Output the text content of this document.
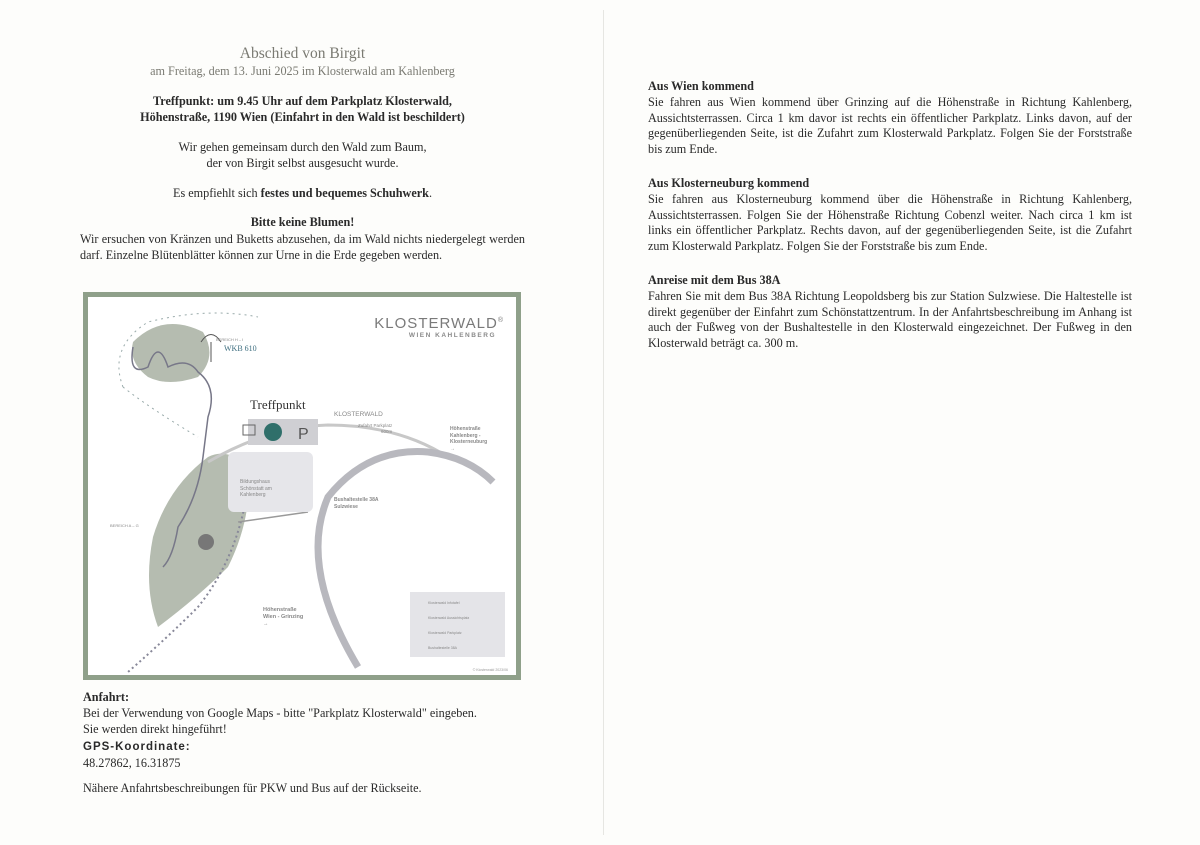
Abschied von Birgit

am Freitag, dem 13. Juni 2025 im Klosterwald am Kahlenberg

Treffpunkt: um 9.45 Uhr auf dem Parkplatz Klosterwald,

Höhenstraße, 1190 Wien (Einfahrt in den Wald ist beschildert)

Wir gehen gemeinsam durch den Wald zum Baum,

der von Birgit selbst ausgesucht wurde.

Es empfiehlt sich festes und bequemes Schuhwerk.

Bitte keine Blumen!

Wir ersuchen von Kränzen und Buketts abzusehen, da im Wald nichts niedergelegt werden darf. Einzelne Blütenblätter können zur Urne in die Erde gegeben werden.

P
KLOSTERWALD®
WIEN KAHLENBERG
BEREICH H – I
WKB 610
Treffpunkt
KLOSTERWALD
Zufahrt Parkplatz
600m	Höhenstraße
Kahlenberg -
Klosterneuburg
→
Bildungshaus
Schönstatt am
Kahlenberg
Bushaltestelle 38A
Sulzwiese
BEREICH A – G
Höhenstraße
Wien - Grinzing
→
Klosterwald Infotafel
Klosterwald Aussichtsplatz
Klosterwald Parkplatz
Bushaltestelle 38A
© Klosterwald 2023/06

Anfahrt:

Bei der Verwendung von Google Maps - bitte "Parkplatz Klosterwald" eingeben.

Sie werden direkt hingeführt!

GPS-Koordinate:

48.27862, 16.31875

Nähere Anfahrtsbeschreibungen für PKW und Bus auf der Rückseite.

Aus Wien kommend

Sie fahren aus Wien kommend über Grinzing auf die Höhenstraße in Richtung Kahlenberg, Aussichtsterrassen. Circa 1 km davor ist rechts ein öffentlicher Parkplatz. Links davon, auf der gegenüberliegenden Seite, ist die Zufahrt zum Klosterwald Parkplatz. Folgen Sie der Forststraße bis zum Ende.

Aus Klosterneuburg kommend

Sie fahren aus Klosterneuburg kommend über die Höhenstraße in Richtung Kahlenberg, Aussichtsterrassen. Folgen Sie der Höhenstraße Richtung Cobenzl weiter. Nach circa 1 km ist links ein öffentlicher Parkplatz. Rechts davon, auf der gegenüberliegenden Seite, ist die Zufahrt zum Klosterwald Parkplatz. Folgen Sie der Forststraße bis zum Ende.

Anreise mit dem Bus 38A

Fahren Sie mit dem Bus 38A Richtung Leopoldsberg bis zur Station Sulzwiese. Die Haltestelle ist direkt gegenüber der Einfahrt zum Schönstattzentrum. In der Anfahrtsbeschreibung im Anhang ist auch der Fußweg von der Bushaltestelle in den Klosterwald eingezeichnet. Der Fußweg in den Klosterwald beträgt ca. 300 m.
